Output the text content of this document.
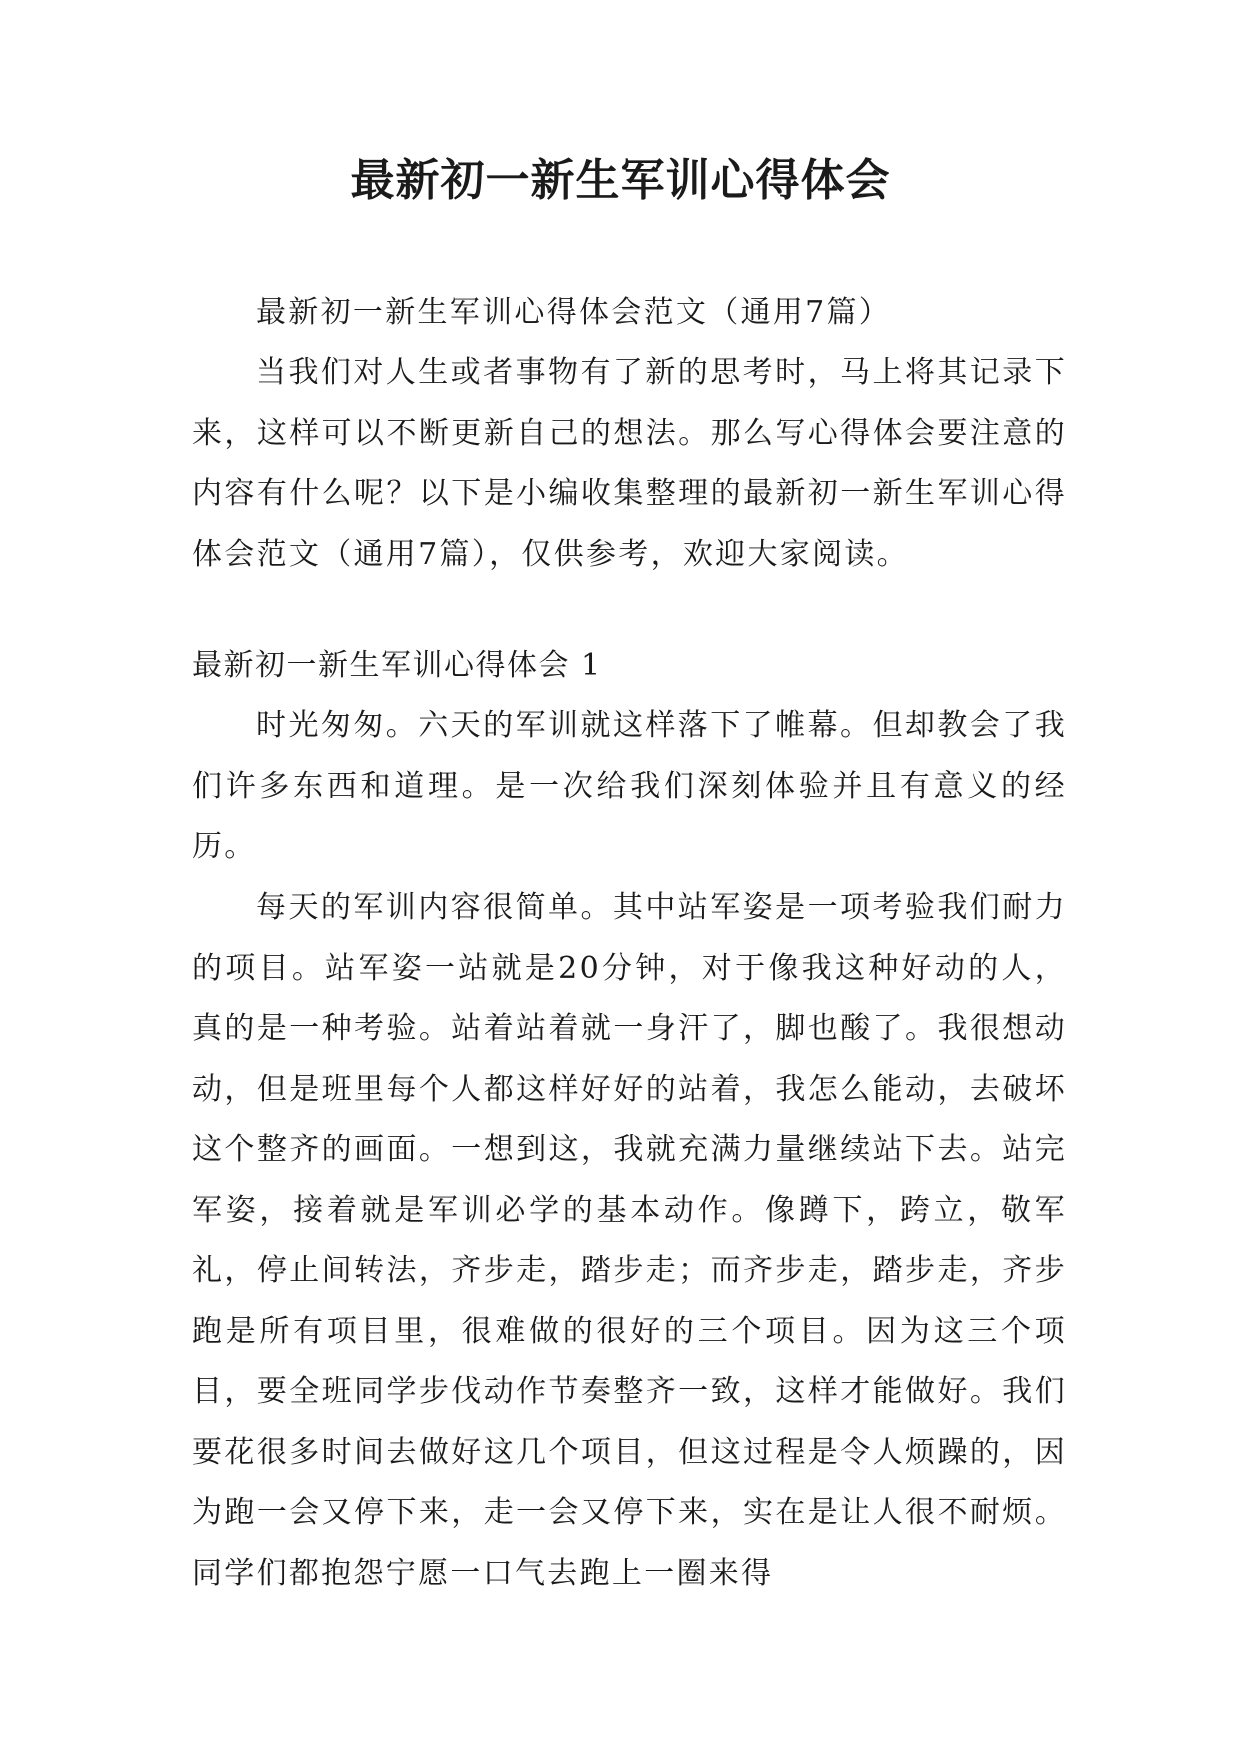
最新初一新生军训心得体会

最新初一新生军训心得体会范文（通用7篇）

当我们对人生或者事物有了新的思考时，马上将其记录下来，这样可以不断更新自己的想法。那么写心得体会要注意的内容有什么呢？以下是小编收集整理的最新初一新生军训心得体会范文（通用7篇），仅供参考，欢迎大家阅读。

最新初一新生军训心得体会 1

时光匆匆。六天的军训就这样落下了帷幕。但却教会了我们许多东西和道理。是一次给我们深刻体验并且有意义的经历。

每天的军训内容很简单。其中站军姿是一项考验我们耐力的项目。站军姿一站就是20分钟，对于像我这种好动的人，真的是一种考验。站着站着就一身汗了，脚也酸了。我很想动动，但是班里每个人都这样好好的站着，我怎么能动，去破坏这个整齐的画面。一想到这，我就充满力量继续站下去。站完军姿，接着就是军训必学的基本动作。像蹲下，跨立，敬军礼，停止间转法，齐步走，踏步走；而齐步走，踏步走，齐步跑是所有项目里，很难做的很好的三个项目。因为这三个项目，要全班同学步伐动作节奏整齐一致，这样才能做好。我们要花很多时间去做好这几个项目，但这过程是令人烦躁的，因为跑一会又停下来，走一会又停下来，实在是让人很不耐烦。同学们都抱怨宁愿一口气去跑上一圈来得
